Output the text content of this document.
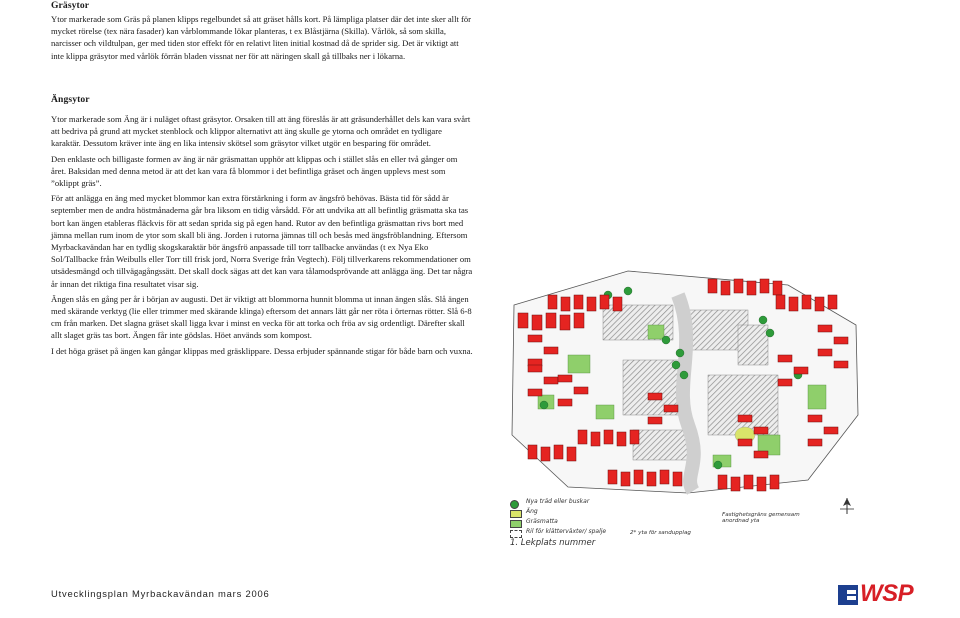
Gräsytor
Ytor markerade som Gräs på planen klipps regelbundet så att gräset hålls kort. På lämpliga platser där det inte sker allt för mycket rörelse (tex nära fasader) kan vårblommande lökar planteras, t ex Blåstjärna (Skilla). Vårlök, så som skilla, narcisser och vildtulpan, ger med tiden stor effekt för en relativt liten initial kostnad då de sprider sig. Det är viktigt att inte klippa gräsytor med vårlök förrän bladen vissnat ner för att näringen skall gå tillbaks ner i lökarna.
Ängsytor
Ytor markerade som Äng är i nuläget oftast gräsytor. Orsaken till att äng föreslås är att gräsunderhållet dels kan vara svårt att bedriva på grund att mycket stenblock och klippor alternativt att äng skulle ge ytorna och området en tydligare karaktär. Dessutom kräver inte äng en lika intensiv skötsel som gräsytor vilket utgör en besparing för området.
Den enklaste och billigaste formen av äng är när gräsmattan upphör att klippas och i stället slås en eller två gånger om året. Baksidan med denna metod är att det kan vara få blommor i det befintliga gräset och ängen upplevs mest som ”oklippt gräs”.
För att anlägga en äng med mycket blommor kan extra förstärkning i form av ängsfrö behövas. Bästa tid för sådd är september men de andra höstmånaderna går bra liksom en tidig vårsådd. För att undvika att all befintlig gräsmatta ska tas bort kan ängen etableras fläckvis för att sedan sprida sig på egen hand. Rutor av den befintliga gräsmattan rivs bort med jämna mellan rum inom de ytor som skall bli äng. Jorden i rutorna jämnas till och besås med ängsfröblandning. Eftersom Myrbackavändan har en tydlig skogskaraktär bör ängsfrö anpassade till torr tallbacke användas (t ex Nya Eko Sol/Tallbacke från Weibulls eller Torr till frisk jord, Norra Sverige från Vegtech). Följ tillverkarens rekommendationer om utsädesmängd och tillvägagångssätt. Det skall dock sägas att det kan vara tålamodsprövande att anlägga äng. Det tar några år innan det riktiga fina resultatet visar sig.
Ängen slås en gång per år i början av augusti. Det är viktigt att blommorna hunnit blomma ut innan ängen slås. Slå ängen med skärande verktyg (lie eller trimmer med skärande klinga) eftersom det annars lätt går ner röta i örternas rötter. Slå 6-8 cm från marken. Det slagna gräset skall ligga kvar i minst en vecka för att torka och fröa av sig ordentligt. Därefter skall allt slaget gräs tas bort. Ängen får inte gödslas. Höet används som kompost.
I det höga gräset på ängen kan gångar klippas med gräsklippare. Dessa erbjuder spännande stigar för både barn och vuxna.
Nya träd eller buskar
Äng
Gräsmatta
Ril för klätterväxter/ spalje
1. Lekplats nummer
Fastighetsgräns gemensam anordnad yta
2* yta för sandupplag
Utvecklingsplan Myrbackavändan mars 2006	WSP
